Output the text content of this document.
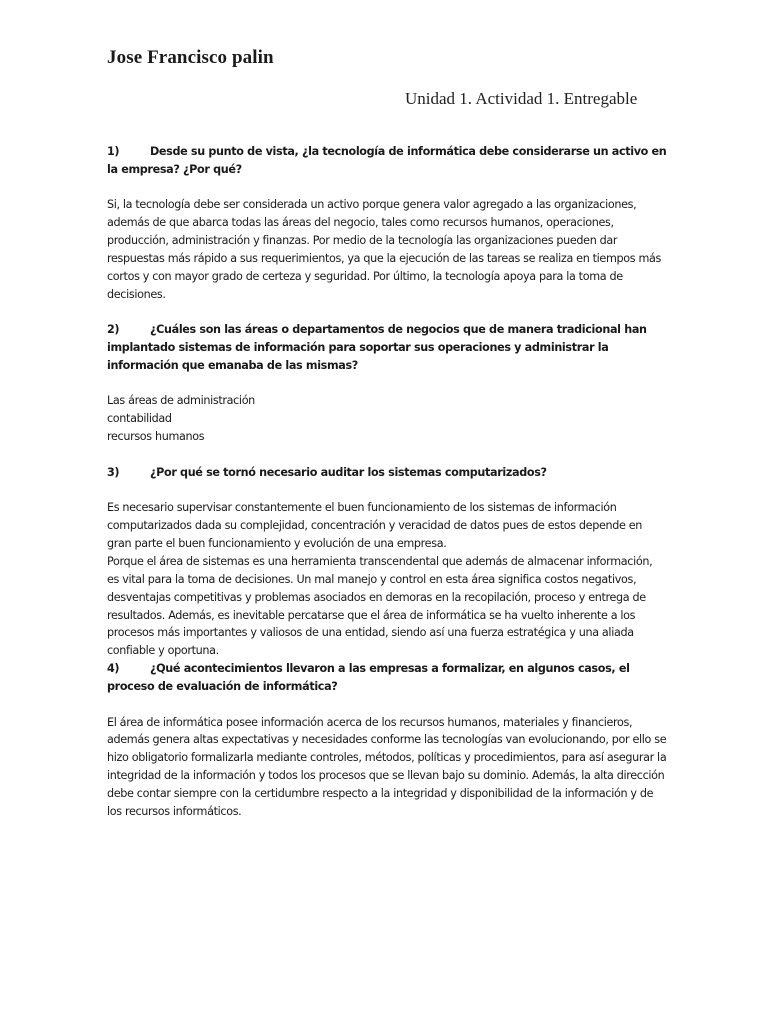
Jose Francisco palin
Unidad 1. Actividad 1. Entregable

1)	Desde su punto de vista, ¿la tecnología de informática debe considerarse un activo en la empresa? ¿Por qué?

Si, la tecnología debe ser considerada un activo porque genera valor agregado a las organizaciones, además de que abarca todas las áreas del negocio, tales como recursos humanos, operaciones, producción, administración y finanzas. Por medio de la tecnología las organizaciones pueden dar respuestas más rápido a sus requerimientos, ya que la ejecución de las tareas se realiza en tiempos más cortos y con mayor grado de certeza y seguridad. Por último, la tecnología apoya para la toma de decisiones.

2)	¿Cuáles son las áreas o departamentos de negocios que de manera tradicional han implantado sistemas de información para soportar sus operaciones y administrar la información que emanaba de las mismas?

Las áreas de administración

contabilidad

recursos humanos

3)	¿Por qué se tornó necesario auditar los sistemas computarizados?

Es necesario supervisar constantemente el buen funcionamiento de los sistemas de información computarizados dada su complejidad, concentración y veracidad de datos pues de estos depende en gran parte el buen funcionamiento y evolución de una empresa.

Porque el área de sistemas es una herramienta transcendental que además de almacenar información, es vital para la toma de decisiones. Un mal manejo y control en esta área significa costos negativos, desventajas competitivas y problemas asociados en demoras en la recopilación, proceso y entrega de resultados. Además, es inevitable percatarse que el área de informática se ha vuelto inherente a los procesos más importantes y valiosos de una entidad, siendo así una fuerza estratégica y una aliada confiable y oportuna.

4)	¿Qué acontecimientos llevaron a las empresas a formalizar, en algunos casos, el proceso de evaluación de informática?

El área de informática posee información acerca de los recursos humanos, materiales y financieros, además genera altas expectativas y necesidades conforme las tecnologías van evolucionando, por ello se hizo obligatorio formalizarla mediante controles, métodos, políticas y procedimientos, para así asegurar la integridad de la información y todos los procesos que se llevan bajo su dominio. Además, la alta dirección debe contar siempre con la certidumbre respecto a la integridad y disponibilidad de la información y de los recursos informáticos.
